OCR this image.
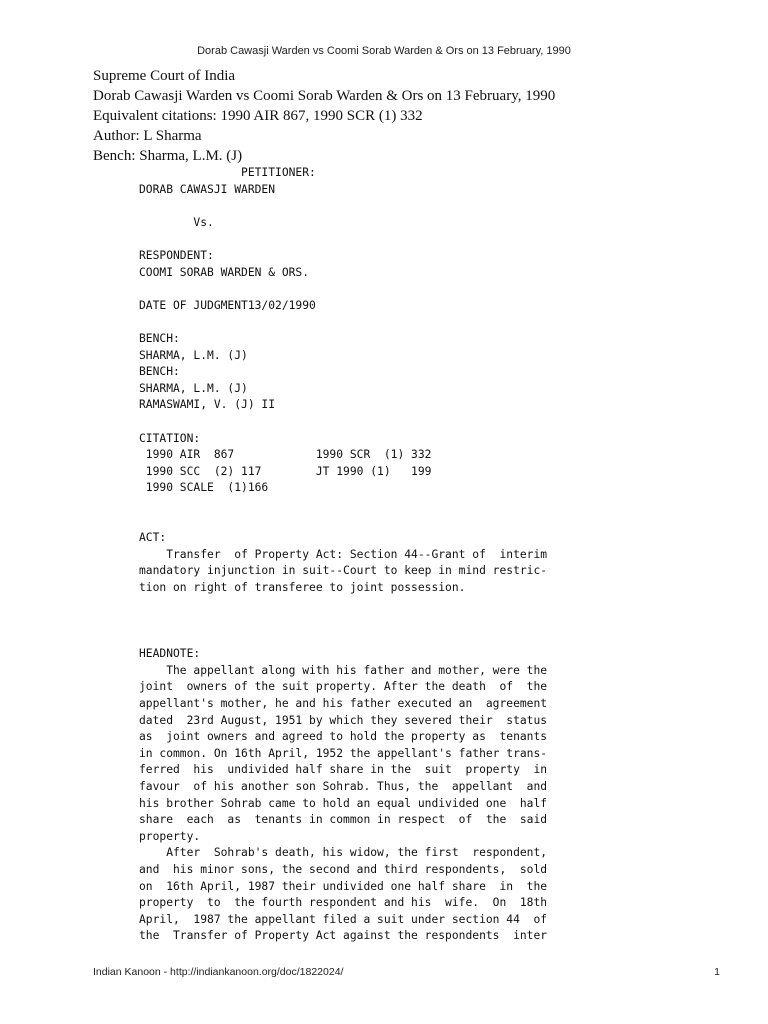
Dorab Cawasji Warden vs Coomi Sorab Warden & Ors on 13 February, 1990
Supreme Court of India
Dorab Cawasji Warden vs Coomi Sorab Warden & Ors on 13 February, 1990
Equivalent citations: 1990 AIR 867, 1990 SCR (1) 332
Author: L Sharma
Bench: Sharma, L.M. (J)
PETITIONER:
DORAB CAWASJI WARDEN

Vs.

RESPONDENT:
COOMI SORAB WARDEN & ORS.

DATE OF JUDGMENT13/02/1990

BENCH:
SHARMA, L.M. (J)
BENCH:
SHARMA, L.M. (J)
RAMASWAMI, V. (J) II

CITATION:
1990 AIR  867            1990 SCR  (1) 332
1990 SCC  (2) 117        JT 1990 (1)   199
1990 SCALE  (1)166

ACT:
Transfer  of Property Act: Section 44--Grant of  interim
mandatory injunction in suit--Court to keep in mind restric-
tion on right of transferee to joint possession.

HEADNOTE:
The appellant along with his father and mother, were the
joint  owners of the suit property. After the death  of  the
appellant's mother, he and his father executed an  agreement
dated  23rd August, 1951 by which they severed their  status
as  joint owners and agreed to hold the property as  tenants
in common. On 16th April, 1952 the appellant's father trans-
ferred  his  undivided half share in the  suit  property  in
favour  of his another son Sohrab. Thus, the  appellant  and
his brother Sohrab came to hold an equal undivided one  half
share  each  as  tenants in common in respect  of  the  said
property.
After  Sohrab's death, his widow, the first  respondent,
and  his minor sons, the second and third respondents,  sold
on  16th April, 1987 their undivided one half share  in  the
property  to  the fourth respondent and his  wife.  On  18th
April,  1987 the appellant filed a suit under section 44  of
the  Transfer of Property Act against the respondents  inter
Indian Kanoon - http://indiankanoon.org/doc/1822024/	1
